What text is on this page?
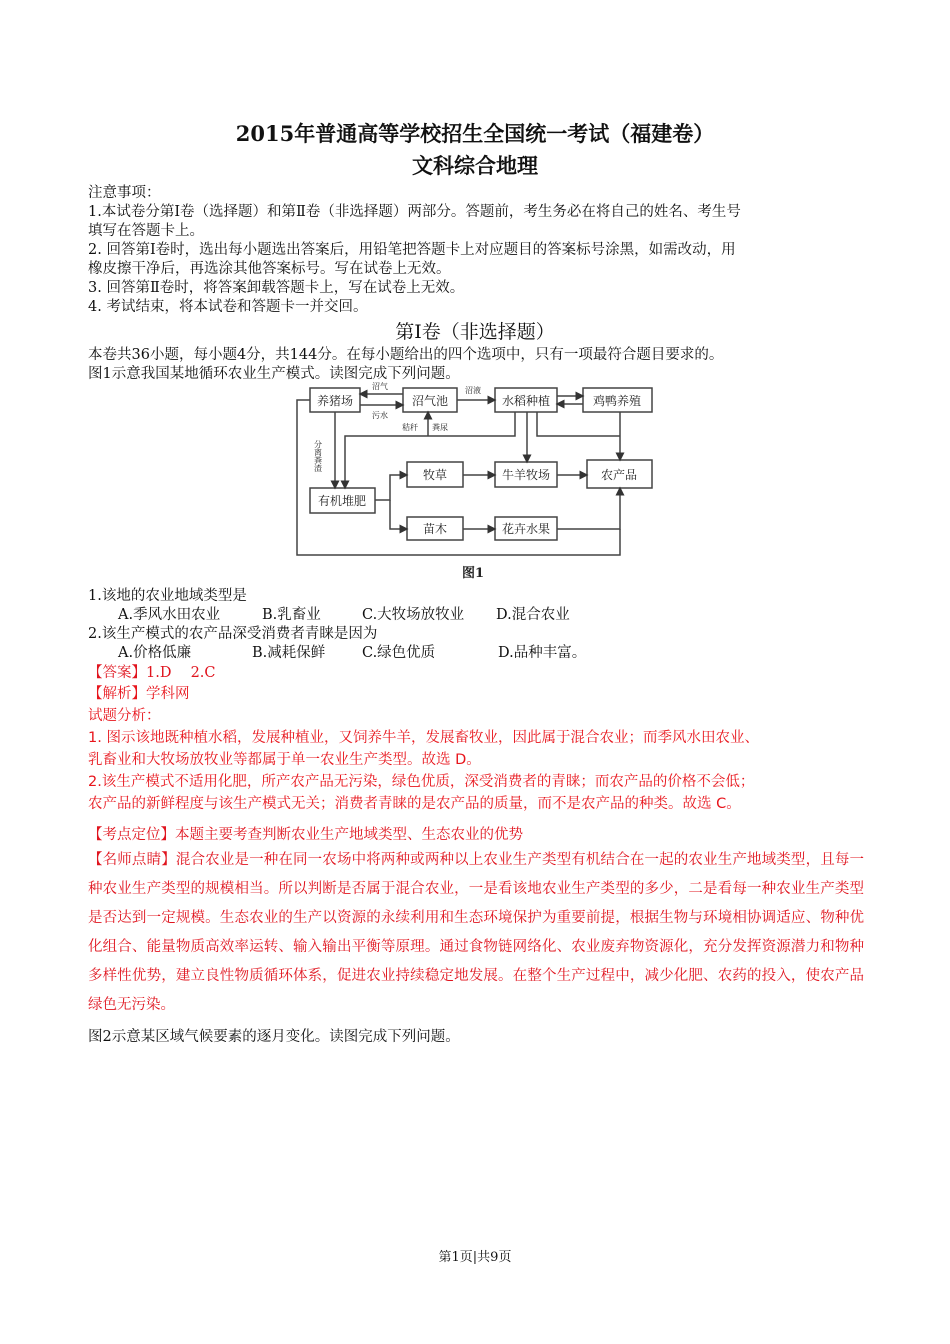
2015年普通高等学校招生全国统一考试（福建卷）
文科综合地理
注意事项：
1.本试卷分第Ⅰ卷（选择题）和第Ⅱ卷（非选择题）两部分。答题前，考生务必在将自己的姓名、考生号
填写在答题卡上。
2. 回答第Ⅰ卷时，选出每小题选出答案后，用铅笔把答题卡上对应题目的答案标号涂黑，如需改动，用
橡皮擦干净后，再选涂其他答案标号。写在试卷上无效。
3. 回答第Ⅱ卷时，将答案卸载答题卡上，写在试卷上无效。
4. 考试结束，将本试卷和答题卡一并交回。
第Ⅰ卷（非选择题）
本卷共36小题，每小题4分，共144分。在每小题给出的四个选项中，只有一项最符合题目要求的。
图1示意我国某地循环农业生产模式。读图完成下列问题。
养猪场	沼气池	水稻种植	鸡鸭养殖
牧草	牛羊牧场	农产品
有机堆肥
苗木	花卉水果
沼气
污水
沼液
秸秆 粪尿
分离粪渣
图1
1.该地的农业地域类型是
A.季风水田农业	B.乳畜业	C.大牧场放牧业 D.混合农业
2.该生产模式的农产品深受消费者青睐是因为
A.价格低廉	B.减耗保鲜	C.绿色优质	D.品种丰富。
【答案】1.D　 2.C
【解析】学科网
试题分析：
1. 图示该地既种植水稻，发展种植业，又饲养牛羊，发展畜牧业，因此属于混合农业；而季风水田农业、
乳畜业和大牧场放牧业等都属于单一农业生产类型。故选 D。
2.该生产模式不适用化肥，所产农产品无污染，绿色优质，深受消费者的青睐；而农产品的价格不会低；
农产品的新鲜程度与该生产模式无关；消费者青睐的是农产品的质量，而不是农产品的种类。故选 C。
【考点定位】本题主要考查判断农业生产地域类型、生态农业的优势
【名师点睛】混合农业是一种在同一农场中将两种或两种以上农业生产类型有机结合在一起的农业生产地域类型，且每一种农业生产类型的规模相当。所以判断是否属于混合农业，一是看该地农业生产类型的多少，二是看每一种农业生产类型是否达到一定规模。生态农业的生产以资源的永续利用和生态环境保护为重要前提，根据生物与环境相协调适应、物种优化组合、能量物质高效率运转、输入输出平衡等原理。通过食物链网络化、农业废弃物资源化，充分发挥资源潜力和物种多样性优势，建立良性物质循环体系，促进农业持续稳定地发展。在整个生产过程中，减少化肥、农药的投入，使农产品绿色无污染。
图2示意某区域气候要素的逐月变化。读图完成下列问题。
第1页|共9页
